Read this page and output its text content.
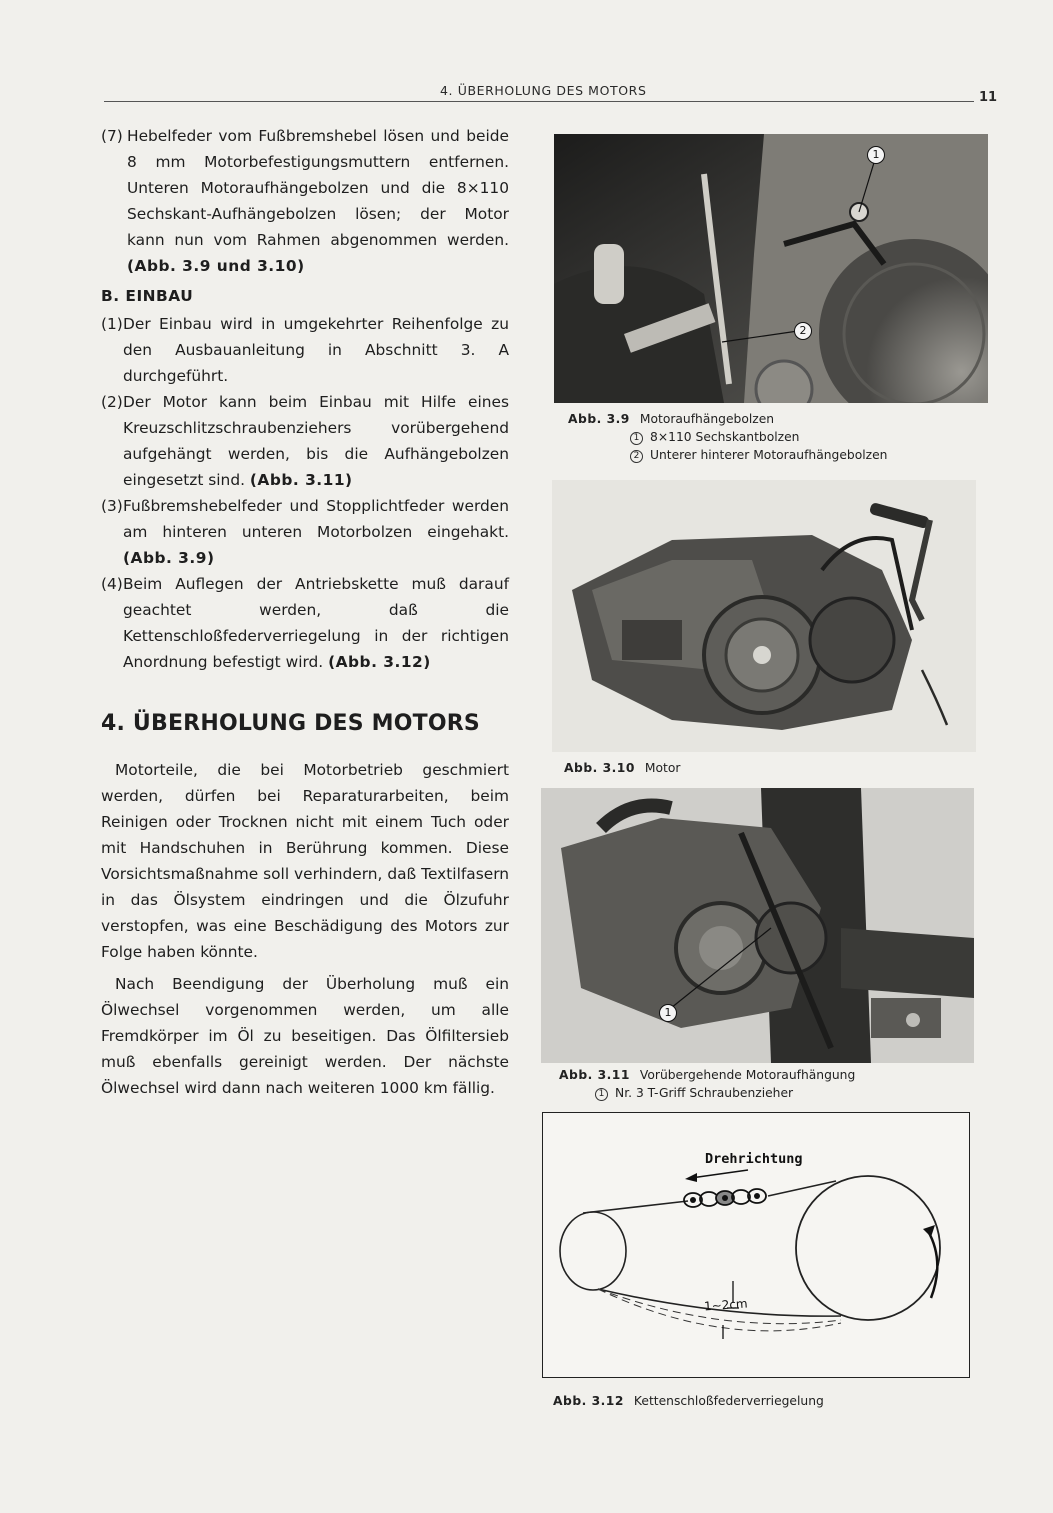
4. ÜBERHOLUNG DES MOTORS	11
(7) Hebelfeder vom Fußbremshebel lösen und beide 8 mm Motorbefestigungsmuttern entfernen. Unteren Motoraufhängebolzen und die 8×110 Sechskant-Aufhängebolzen lösen; der Motor kann nun vom Rahmen abgenommen werden. (Abb. 3.9 und 3.10)
B. EINBAU
(1) Der Einbau wird in umgekehrter Reihenfolge zu den Ausbauanleitung in Abschnitt 3. A durchgeführt.
(2) Der Motor kann beim Einbau mit Hilfe eines Kreuzschlitzschraubenziehers vorübergehend aufgehängt werden, bis die Aufhängebolzen eingesetzt sind. (Abb. 3.11)
(3) Fußbremshebelfeder und Stopplichtfeder werden am hinteren unteren Motorbolzen eingehakt. (Abb. 3.9)
(4) Beim Auflegen der Antriebskette muß darauf geachtet werden, daß die Kettenschloßfederverriegelung in der richtigen Anordnung befestigt wird. (Abb. 3.12)
4. ÜBERHOLUNG DES MOTORS

Motorteile, die bei Motorbetrieb geschmiert werden, dürfen bei Reparaturarbeiten, beim Reinigen oder Trocknen nicht mit einem Tuch oder mit Handschuhen in Berührung kommen. Diese Vorsichtsmaßnahme soll verhindern, daß Textilfasern in das Ölsystem eindringen und die Ölzufuhr verstopfen, was eine Beschädigung des Motors zur Folge haben könnte.

Nach Beendigung der Überholung muß ein Ölwechsel vorgenommen werden, um alle Fremdkörper im Öl zu beseitigen. Das Ölfiltersieb muß ebenfalls gereinigt werden. Der nächste Ölwechsel wird dann nach weiteren 1000 km fällig.

1
2
Abb. 3.9 Motoraufhängebolzen
1 8×110 Sechskantbolzen
2 Unterer hinterer Motoraufhängebolzen
Abb. 3.10 Motor
1
Abb. 3.11 Vorübergehende Motoraufhängung
1 Nr. 3 T-Griff Schraubenzieher
Drehrichtung
1~2cm
Abb. 3.12 Kettenschloßfederverriegelung
